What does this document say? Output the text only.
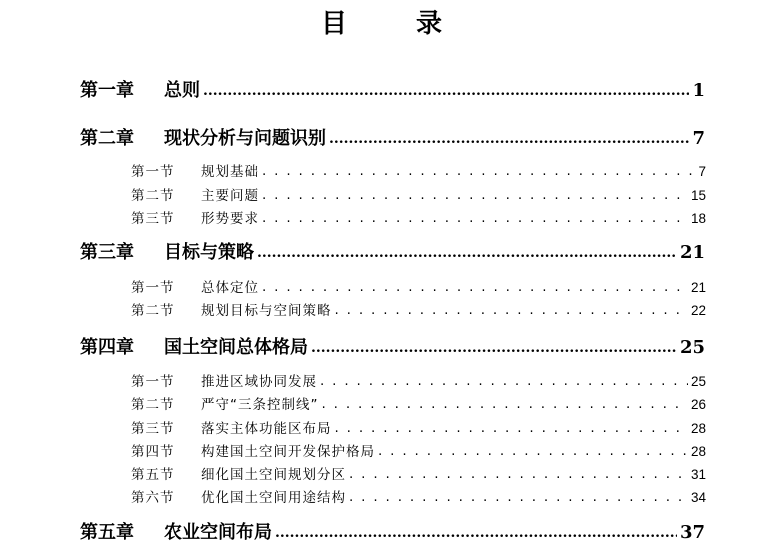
目 录
第一章	总则 .....	1
第二章	现状分析与问题识别 .....	7
第一节	规划基础 . . .	7
第二节	主要问题 . . .	15
第三节	形势要求 . . .	18
第三章	目标与策略 .....	21
第一节	总体定位 . . .	21
第二节	规划目标与空间策略 . . .	22
第四章	国土空间总体格局 .....	25
第一节	推进区域协同发展 . . .	25
第二节	严守“三条控制线” . . .	26
第三节	落实主体功能区布局 . . .	28
第四节	构建国土空间开发保护格局 . . .	28
第五节	细化国土空间规划分区 . . .	31
第六节	优化国土空间用途结构 . . .	34
第五章	农业空间布局 .....	37
